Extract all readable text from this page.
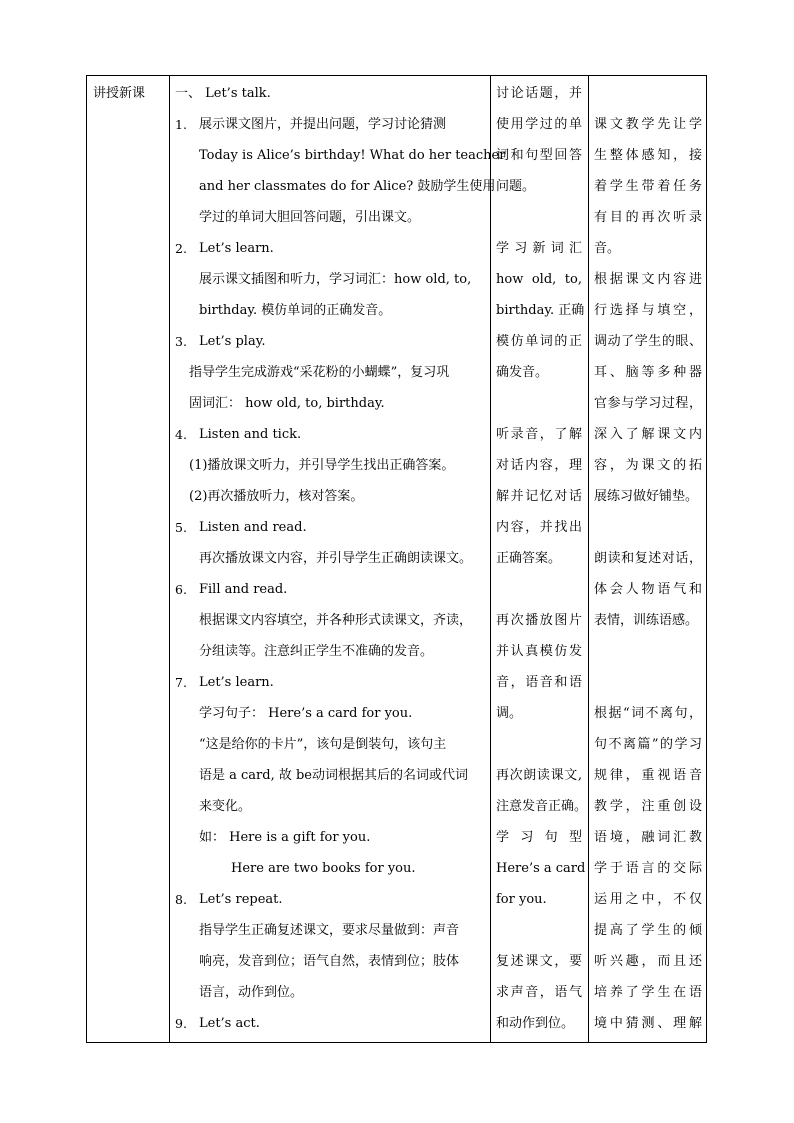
讲授新课 一、 Let’s talk.
1. 展示课文图片，并提出问题，学习讨论猜测
Today is Alice’s birthday! What do her teacher
and her classmates do for Alice? 鼓励学生使用
学过的单词大胆回答问题，引出课文。
2. Let’s learn.
展示课文插图和听力，学习词汇：how old, to,
birthday. 模仿单词的正确发音。
3. Let’s play.
指导学生完成游戏“采花粉的小蝴蝶”，复习巩
固词汇： how old, to, birthday.
4. Listen and tick.
(1)播放课文听力，并引导学生找出正确答案。
(2)再次播放听力，核对答案。
5. Listen and read.
再次播放课文内容，并引导学生正确朗读课文。
6. Fill and read.
根据课文内容填空，并各种形式读课文，齐读，
分组读等。注意纠正学生不准确的发音。
7. Let’s learn.
学习句子： Here’s a card for you.
“这是给你的卡片”，该句是倒装句，该句主
语是 a card, 故 be动词根据其后的名词或代词
来变化。
如： Here is a gift for you.
Here are two books for you.
8. Let’s repeat.
指导学生正确复述课文，要求尽量做到：声音
响亮，发音到位；语气自然，表情到位；肢体
语言，动作到位。
9. Let’s act.
讨论话题，并
使用学过的单
词和句型回答
问题。
学习新词汇
how old, to,
birthday. 正确
模仿单词的正
确发音。
听录音，了解
对话内容，理
解并记忆对话
内容，并找出
正确答案。
再次播放图片
并认真模仿发
音，语音和语
调。
再次朗读课文,
注意发音正确。
学习句型
Here’s a card
for you.
复述课文，要
求声音，语气
和动作到位。
课文教学先让学
生整体感知，接
着学生带着任务
有目的再次听录
音。
根据课文内容进
行选择与填空，
调动了学生的眼、
耳、脑等多种器
官参与学习过程，
深入了解课文内
容，为课文的拓
展练习做好铺垫。
朗读和复述对话，
体会人物语气和
表情，训练语感。
根据“词不离句，
句不离篇”的学习
规律，重视语音
教学，注重创设
语境，融词汇教
学于语言的交际
运用之中，不仅
提高了学生的倾
听兴趣，而且还
培养了学生在语
境中猜测、理解
